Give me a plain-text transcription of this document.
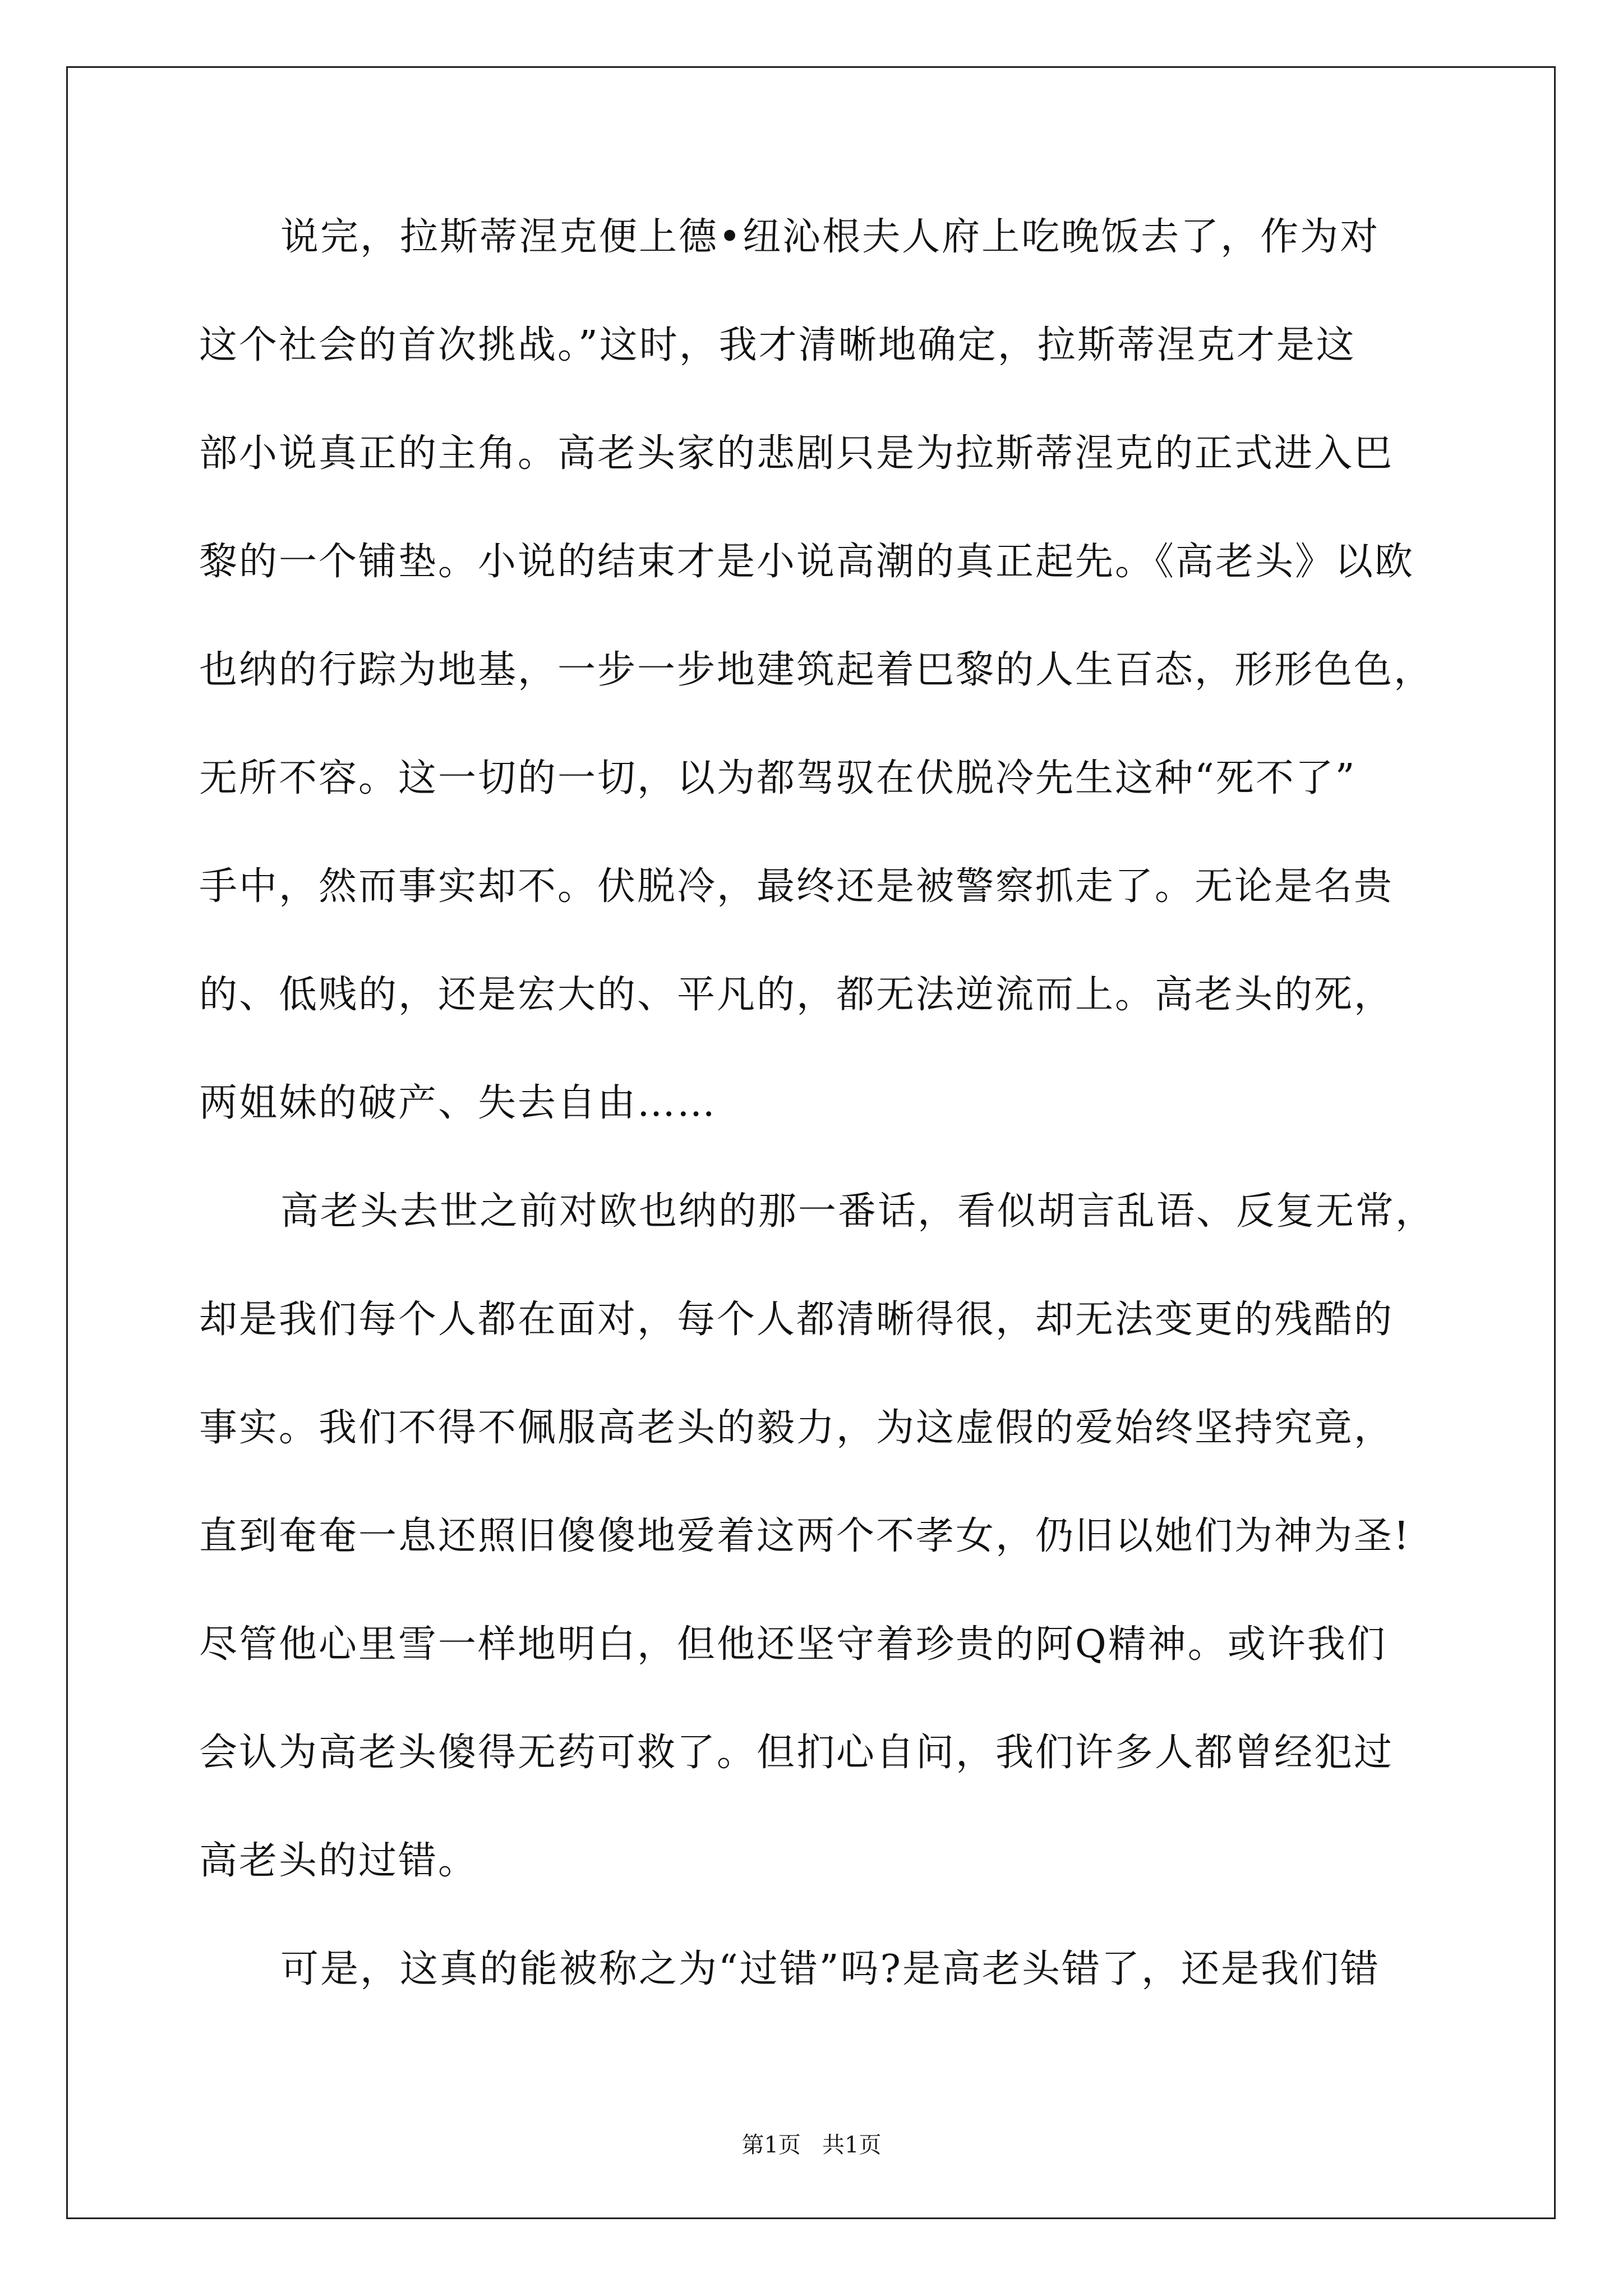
说完，拉斯蒂涅克便上德•纽沁根夫人府上吃晚饭去了，作为对
这个社会的首次挑战。”这时，我才清晰地确定，拉斯蒂涅克才是这
部小说真正的主角。高老头家的悲剧只是为拉斯蒂涅克的正式进入巴
黎的一个铺垫。小说的结束才是小说高潮的真正起先。《高老头》以欧
也纳的行踪为地基，一步一步地建筑起着巴黎的人生百态，形形色色，
无所不容。这一切的一切，以为都驾驭在伏脱冷先生这种“死不了”
手中，然而事实却不。伏脱冷，最终还是被警察抓走了。无论是名贵
的、低贱的，还是宏大的、平凡的，都无法逆流而上。高老头的死，
两姐妹的破产、失去自由……
高老头去世之前对欧也纳的那一番话，看似胡言乱语、反复无常，
却是我们每个人都在面对，每个人都清晰得很，却无法变更的残酷的
事实。我们不得不佩服高老头的毅力，为这虚假的爱始终坚持究竟，
直到奄奄一息还照旧傻傻地爱着这两个不孝女，仍旧以她们为神为圣!
尽管他心里雪一样地明白，但他还坚守着珍贵的阿Q精神。或许我们
会认为高老头傻得无药可救了。但扪心自问，我们许多人都曾经犯过
高老头的过错。
可是，这真的能被称之为“过错”吗?是高老头错了，还是我们错
第1页   共1页
